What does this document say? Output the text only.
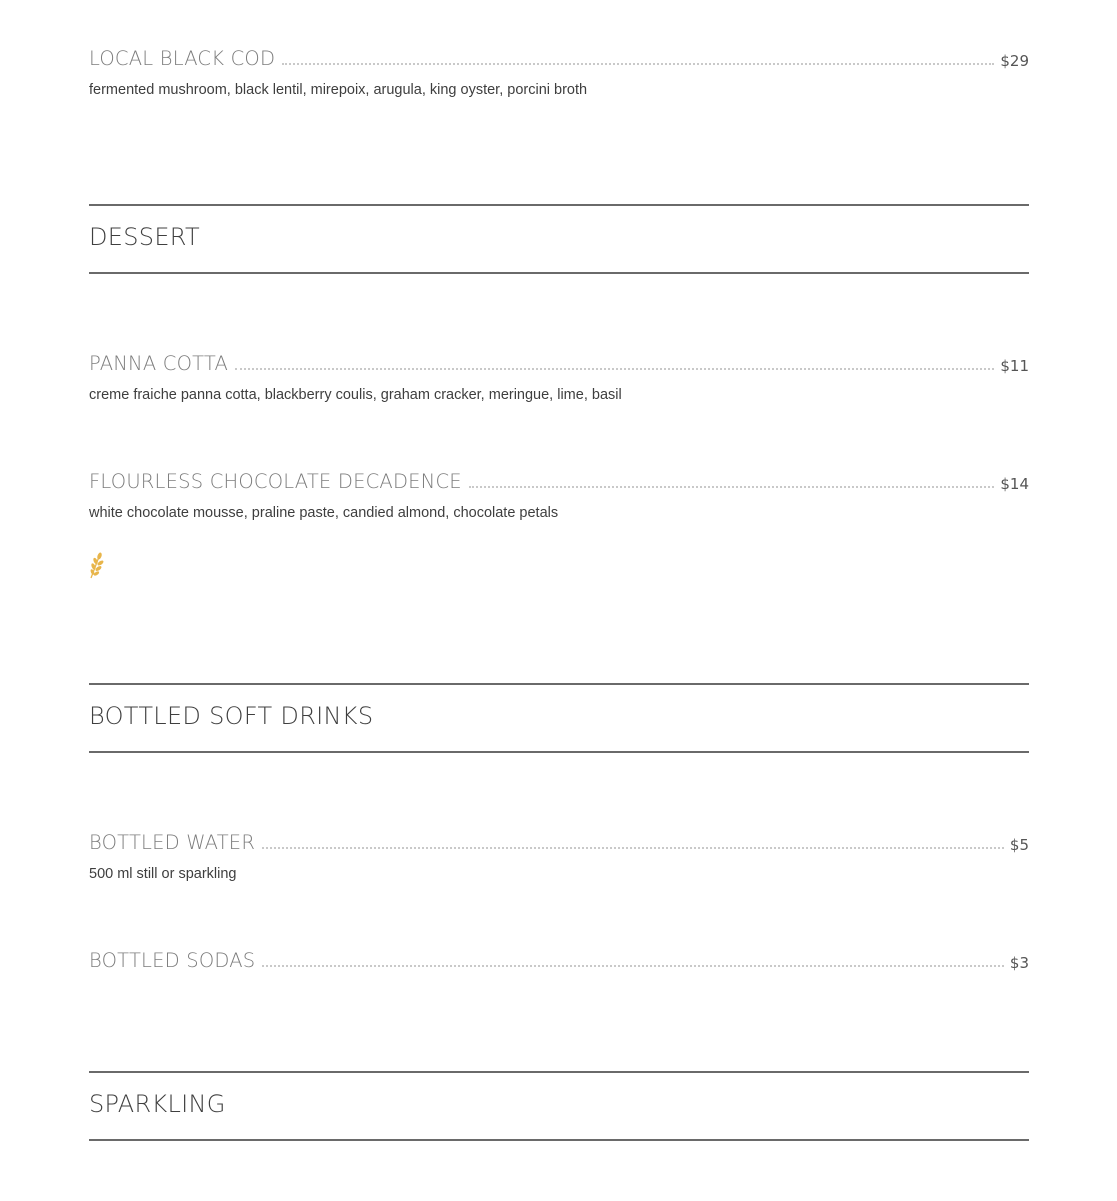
LOCAL BLACK COD	$29
fermented mushroom, black lentil, mirepoix, arugula, king oyster, porcini broth
DESSERT
PANNA COTTA	$11
creme fraiche panna cotta, blackberry coulis, graham cracker, meringue, lime, basil
FLOURLESS CHOCOLATE DECADENCE	$14
white chocolate mousse, praline paste, candied almond, chocolate petals
BOTTLED SOFT DRINKS
BOTTLED WATER	$5
500 ml still or sparkling
BOTTLED SODAS	$3
SPARKLING
